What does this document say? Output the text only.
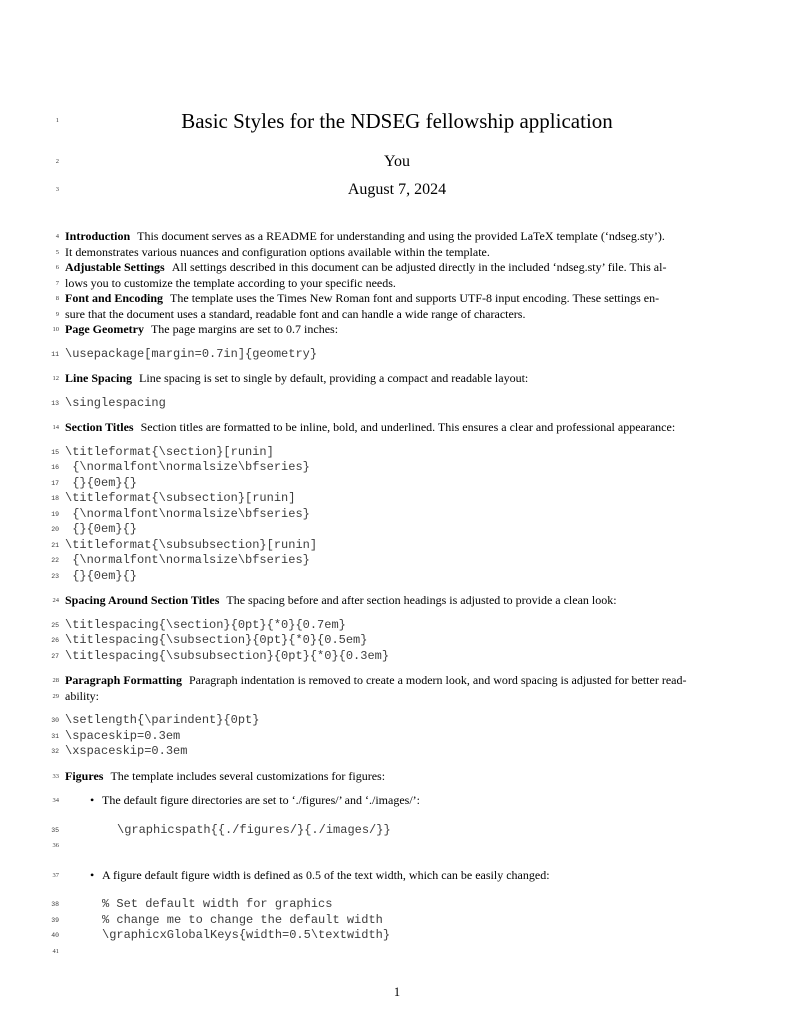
1	Basic Styles for the NDSEG fellowship application
2	You
3	August 7, 2024
4 Introduction This document serves as a README for understanding and using the provided LaTeX template (‘ndseg.sty’).
5 It demonstrates various nuances and configuration options available within the template.
6 Adjustable Settings All settings described in this document can be adjusted directly in the included ‘ndseg.sty’ file. This al-
7 lows you to customize the template according to your specific needs.
8 Font and Encoding The template uses the Times New Roman font and supports UTF-8 input encoding. These settings en-
9 sure that the document uses a standard, readable font and can handle a wide range of characters.
10 Page Geometry The page margins are set to 0.7 inches:
11 \usepackage[margin=0.7in]{geometry}
12 Line Spacing Line spacing is set to single by default, providing a compact and readable layout:
13 \singlespacing
14 Section Titles Section titles are formatted to be inline, bold, and underlined. This ensures a clear and professional appearance:
15 \titleformat{\section}[runin]
16 {\normalfont\normalsize\bfseries}
17 {}{0em}{}
18 \titleformat{\subsection}[runin]
19 {\normalfont\normalsize\bfseries}
20 {}{0em}{}
21 \titleformat{\subsubsection}[runin]
22 {\normalfont\normalsize\bfseries}
23 {}{0em}{}
24 Spacing Around Section Titles The spacing before and after section headings is adjusted to provide a clean look:
25 \titlespacing{\section}{0pt}{*0}{0.7em}
26 \titlespacing{\subsection}{0pt}{*0}{0.5em}
27 \titlespacing{\subsubsection}{0pt}{*0}{0.3em}
28 Paragraph Formatting Paragraph indentation is removed to create a modern look, and word spacing is adjusted for better read-
29 ability:
30 \setlength{\parindent}{0pt}
31 \spaceskip=0.3em
32 \xspaceskip=0.3em
33 Figures The template includes several customizations for figures:
34	• The default figure directories are set to ‘./figures/’ and ‘./images/’:
35	\graphicspath{{./figures/}{./images/}}
36
37	• A figure default figure width is defined as 0.5 of the text width, which can be easily changed:
38	% Set default width for graphics
39	% change me to change the default width
40	\graphicxGlobalKeys{width=0.5\textwidth}
41
1
